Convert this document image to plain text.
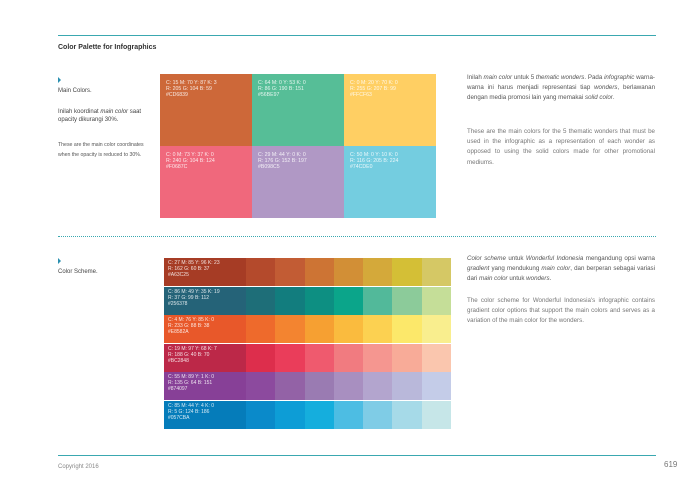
Color Palette for Infographics
Main Colors.
Inilah koordinat main color saat opacity dikurangi 30%.
These are the main color coordinates when the opacity is reduced to 30%.
C: 15 M: 70 Y: 87 K: 3
R: 205 G: 104 B: 59
#CD6839
C: 64 M: 0 Y: 53 K: 0
R: 86 G: 190 B: 151
#56BE97
C: 0 M: 20 Y: 70 K: 0
R: 255 G: 207 B: 99
#FFCF63
C: 0 M: 73 Y: 37 K: 0
R: 240 G: 104 B: 124
#F0687C
C: 29 M: 44 Y: 0 K: 0
R: 176 G: 152 B: 197
#B098C5
C: 50 M: 0 Y: 10 K: 0
R: 116 G: 205 B: 224
#74CDE0
Inilah main color untuk 5 thematic wonders. Pada infographic warna-warna ini harus menjadi representasi tiap wonders, berlawanan dengan media promosi lain yang memakai solid color.
These are the main colors for the 5 thematic wonders that must be used in the infographic as a representation of each wonder as opposed to using the solid colors made for other promotional mediums.
Color Scheme.
C: 27 M: 85 Y: 96 K: 23
R: 162 G: 60 B: 37
#A63C25
C: 86 M: 49 Y: 35 K: 19
R: 37 G: 99 B: 112
#256378
C: 4 M: 76 Y: 85 K: 0
R: 233 G: 88 B: 38
#E8582A
C: 19 M: 97 Y: 68 K: 7
R: 188 G: 40 B: 70
#BC2848
C: 55 M: 89 Y: 1 K: 0
R: 135 G: 64 B: 151
#874097
C: 85 M: 44 Y: 4 K: 0
R: 5 G: 124 B: 186
#057CBA
Color scheme untuk Wonderful Indonesia mengandung opsi warna gradient yang mendukung main color, dan berperan sebagai variasi dari main color untuk wonders.
The color scheme for Wonderful Indonesia's infographic contains gradient color options that support the main colors and serves as a variation of the main color for the wonders.
Copyright 2016	619
